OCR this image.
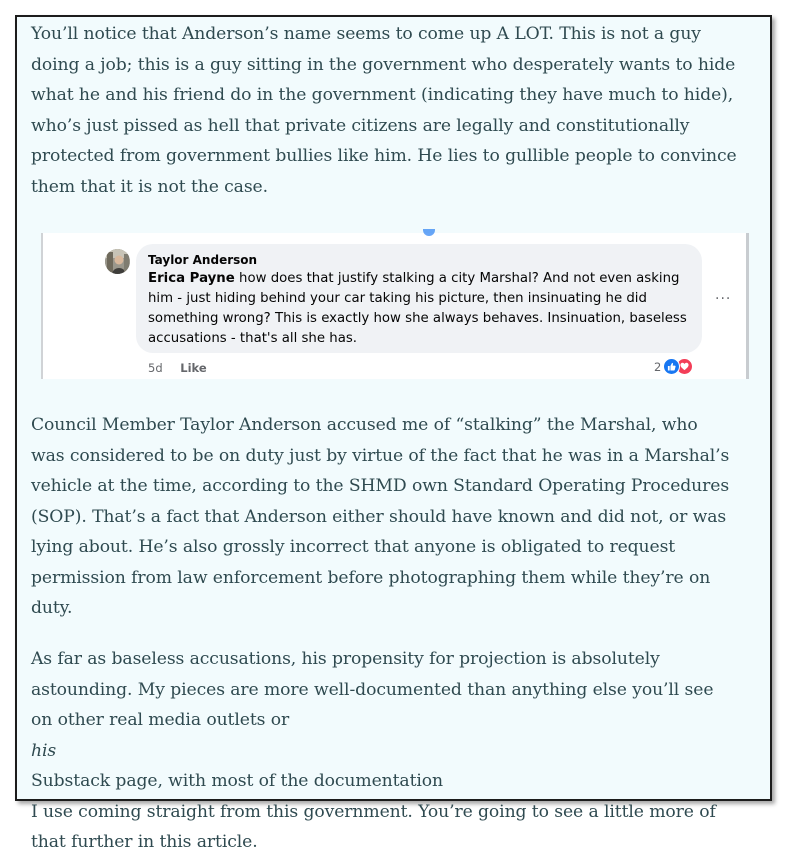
You’ll notice that Anderson’s name seems to come up A LOT. This is not a guy
doing a job; this is a guy sitting in the government who desperately wants to hide
what he and his friend do in the government (indicating they have much to hide),
who’s just pissed as hell that private citizens are legally and constitutionally
protected from government bullies like him. He lies to gullible people to convince
them that it is not the case.

Taylor Anderson
Erica Payne how does that justify stalking a city Marshal? And not even asking
him - just hiding behind your car taking his picture, then insinuating he did
something wrong? This is exactly how she always behaves. Insinuation, baseless
accusations - that's all she has.
···
5d Like	2

Council Member Taylor Anderson accused me of “stalking” the Marshal, who
was considered to be on duty just by virtue of the fact that he was in a Marshal’s
vehicle at the time, according to the SHMD own Standard Operating Procedures
(SOP). That’s a fact that Anderson either should have known and did not, or was
lying about. He’s also grossly incorrect that anyone is obligated to request
permission from law enforcement before photographing them while they’re on
duty.

As far as baseless accusations, his propensity for projection is absolutely
astounding. My pieces are more well-documented than anything else you’ll see
on other real media outlets or
his
Substack page, with most of the documentation
I use coming straight from this government. You’re going to see a little more of
that further in this article.
